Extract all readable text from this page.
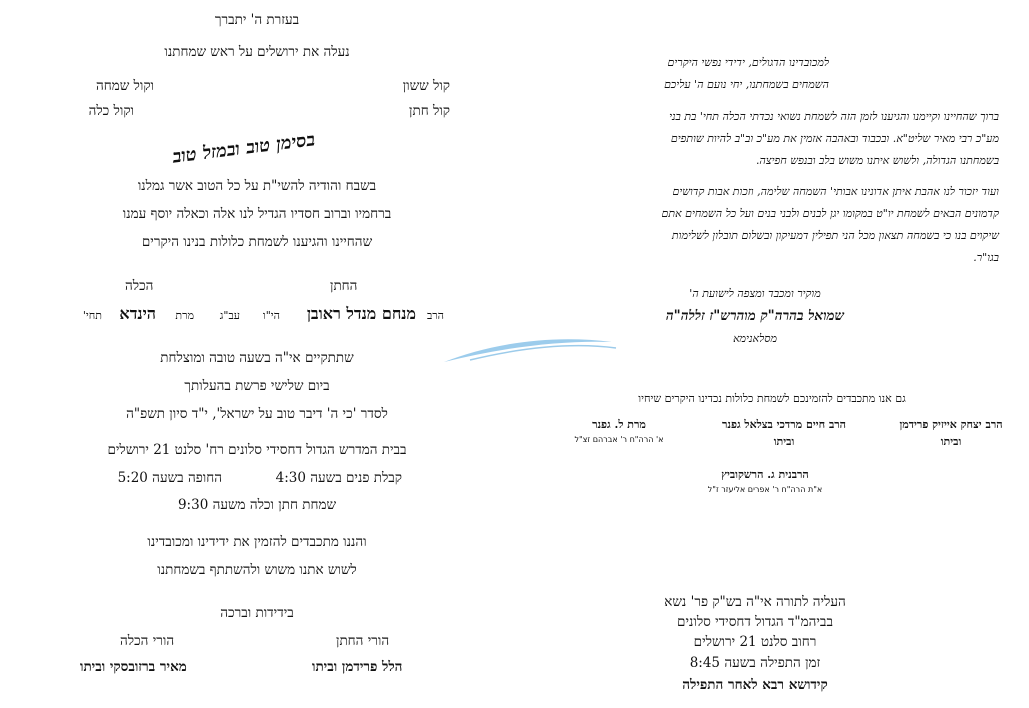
בעזרת ה' יתברך
נעלה את ירושלים על ראש שמחתנו
קול ששון
וקול שמחה
קול חתן
וקול כלה
בסימן טוב ובמזל טוב
בשבח והודיה להשי"ת על כל הטוב אשר גמלנו
ברחמיו וברוב חסדיו הגדיל לנו אלה וכאלה יוסף עמנו
שהחיינו והגיענו לשמחת כלולות בנינו היקרים
החתן
הכלה
הרב
מנחם מנדל ראובן
הי"ו
עב"ג
מרת
הינדא
תחי'
שתתקיים אי"ה בשעה טובה ומוצלחת
ביום שלישי פרשת בהעלותך
לסדר 'כי ה' דיבר טוב על ישראל', י"ד סיון תשפ"ה
בבית המדרש הגדול דחסידי סלונים רח' סלנט 21 ירושלים
קבלת פנים בשעה 4:30
החופה בשעה 5:20
שמחת חתן וכלה משעה 9:30
והננו מתכבדים להזמין את ידידינו ומכובדינו
לשוש אתנו משוש ולהשתתף בשמחתנו
בידידות וברכה
הורי החתן
הורי הכלה
הלל פרידמן וביתו
מאיר ברזובסקי וביתו
למכובדינו הדגולים, ידידי נפשי היקרים
השמחים בשמחתנו, יחי נועם ה' עליכם
ברוך שהחיינו וקיימנו והגיענו לזמן הזה לשמחת נשואי נכדתי הכלה תחי' בת בני
מע"כ רבי מאיר שליט"א. ובכבוד ובאהבה אזמין את מע"כ וב"ב להיות שותפים
בשמחתנו הגדולה, ולשוש איתנו משוש בלב ובנפש חפיצה.
ועוד יזכור לנו אהבת איתן אדונינו אבותי' השמחה שלימה, וזכות אבות קדושים
קדמונים הבאים לשמחת יו"ט במקומו יגן לבנים ולבני בנים ועל כל השמחים אתם
שיקוים בנו כי בשמחה תצאון מכל הני תפילין דמעיקון ובשלום תובלון לשלימות
בגו"ר.
מוקיר ומכבד ומצפה לישועת ה'
שמואל בהרה"ק מוהרש"ז זללה"ה
מסלאנימא
גם אנו מתכבדים להזמינכם לשמחת כלולות נכדינו היקרים שיחיו
הרב יצחק אייזיק פרידמן
וביתו
הרב חיים מרדכי בצלאל גפנר
וביתו
מרת ל. גפנר
א' הרה"ח ר' אברהם זצ"ל
הרבנית ג. הרשקוביץ
א"ת הרה"ח ר' אפרים אליעזר ז"ל
העליה לתורה אי"ה בש"ק פר' נשא
בביהמ"ד הגדול דחסידי סלונים
רחוב סלנט 21 ירושלים
זמן התפילה בשעה 8:45
קידושא רבא לאחר התפילה
